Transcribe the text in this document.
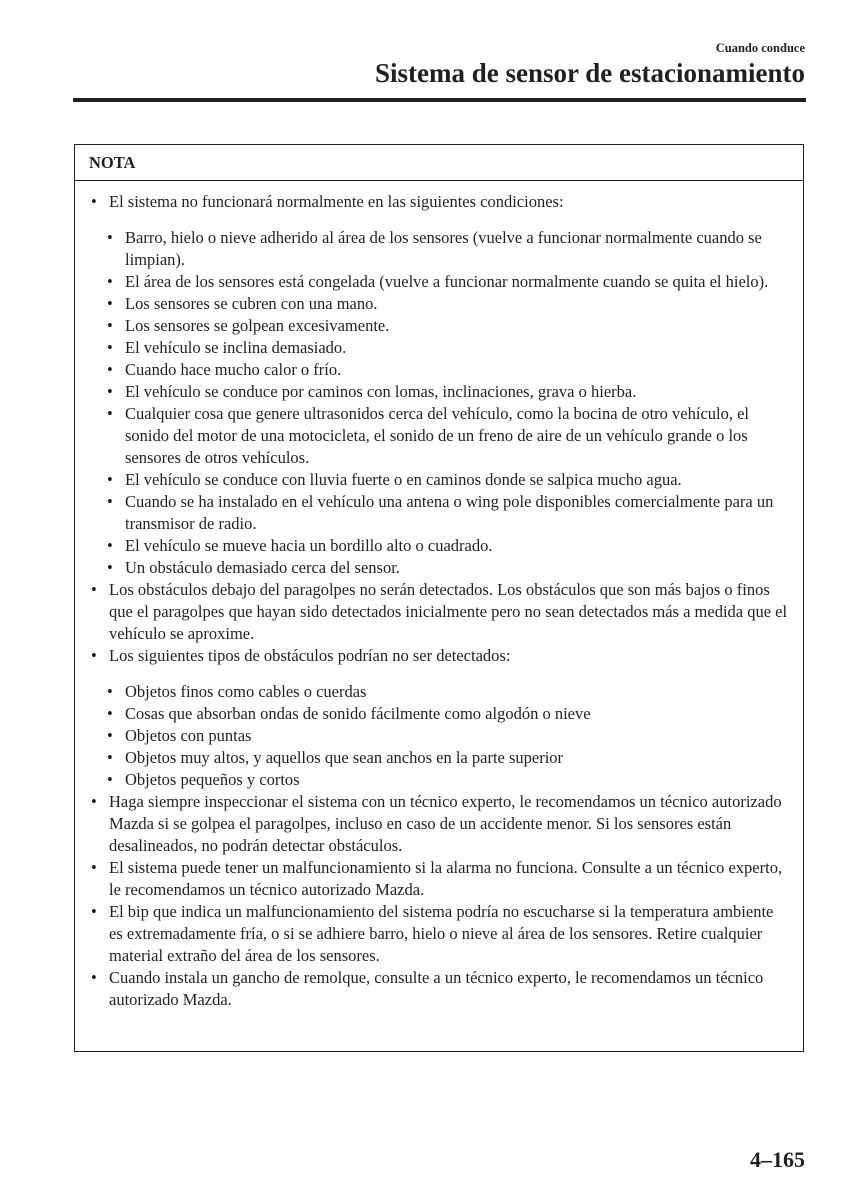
Cuando conduce
Sistema de sensor de estacionamiento
NOTA
• El sistema no funcionará normalmente en las siguientes condiciones:
• Barro, hielo o nieve adherido al área de los sensores (vuelve a funcionar normalmente cuando se limpian).
• El área de los sensores está congelada (vuelve a funcionar normalmente cuando se quita el hielo).
• Los sensores se cubren con una mano.
• Los sensores se golpean excesivamente.
• El vehículo se inclina demasiado.
• Cuando hace mucho calor o frío.
• El vehículo se conduce por caminos con lomas, inclinaciones, grava o hierba.
• Cualquier cosa que genere ultrasonidos cerca del vehículo, como la bocina de otro vehículo, el sonido del motor de una motocicleta, el sonido de un freno de aire de un vehículo grande o los sensores de otros vehículos.
• El vehículo se conduce con lluvia fuerte o en caminos donde se salpica mucho agua.
• Cuando se ha instalado en el vehículo una antena o wing pole disponibles comercialmente para un transmisor de radio.
• El vehículo se mueve hacia un bordillo alto o cuadrado.
• Un obstáculo demasiado cerca del sensor.
• Los obstáculos debajo del paragolpes no serán detectados. Los obstáculos que son más bajos o finos que el paragolpes que hayan sido detectados inicialmente pero no sean detectados más a medida que el vehículo se aproxime.
• Los siguientes tipos de obstáculos podrían no ser detectados:
• Objetos finos como cables o cuerdas
• Cosas que absorban ondas de sonido fácilmente como algodón o nieve
• Objetos con puntas
• Objetos muy altos, y aquellos que sean anchos en la parte superior
• Objetos pequeños y cortos
• Haga siempre inspeccionar el sistema con un técnico experto, le recomendamos un técnico autorizado Mazda si se golpea el paragolpes, incluso en caso de un accidente menor. Si los sensores están desalineados, no podrán detectar obstáculos.
• El sistema puede tener un malfuncionamiento si la alarma no funciona. Consulte a un técnico experto, le recomendamos un técnico autorizado Mazda.
• El bip que indica un malfuncionamiento del sistema podría no escucharse si la temperatura ambiente es extremadamente fría, o si se adhiere barro, hielo o nieve al área de los sensores. Retire cualquier material extraño del área de los sensores.
• Cuando instala un gancho de remolque, consulte a un técnico experto, le recomendamos un técnico autorizado Mazda.
4–165
